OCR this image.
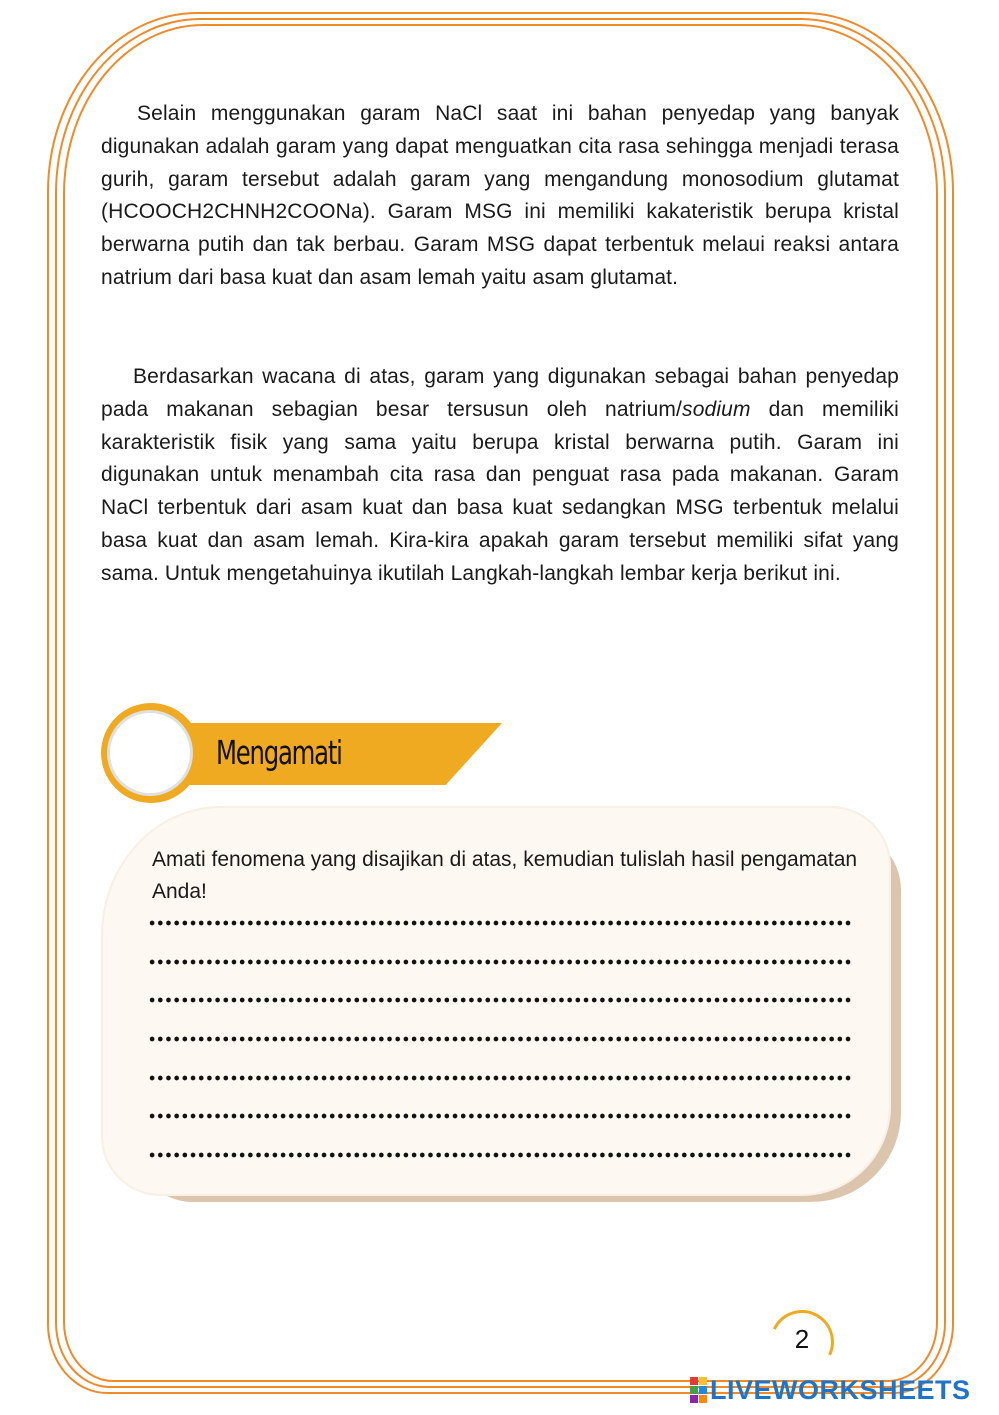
Selain menggunakan garam NaCl saat ini bahan penyedap yang banyak digunakan adalah garam yang dapat menguatkan cita rasa sehingga menjadi terasa gurih, garam tersebut adalah garam yang mengandung monosodium glutamat (HCOOCH2CHNH2COONa). Garam MSG ini memiliki kakateristik berupa kristal berwarna putih dan tak berbau. Garam MSG dapat terbentuk melaui reaksi antara natrium dari basa kuat dan asam lemah yaitu asam glutamat.
Berdasarkan wacana di atas, garam yang digunakan sebagai bahan penyedap pada makanan sebagian besar tersusun oleh natrium/sodium dan memiliki karakteristik fisik yang sama yaitu berupa kristal berwarna putih. Garam ini digunakan untuk menambah cita rasa dan penguat rasa pada makanan. Garam NaCl terbentuk dari asam kuat dan basa kuat sedangkan MSG terbentuk melalui basa kuat dan asam lemah. Kira-kira apakah garam tersebut memiliki sifat yang sama. Untuk mengetahuinya ikutilah Langkah-langkah lembar kerja berikut ini.
Mengamati
Amati fenomena yang disajikan di atas, kemudian tulislah hasil pengamatan Anda!
2
LIVEWORKSHEETS
